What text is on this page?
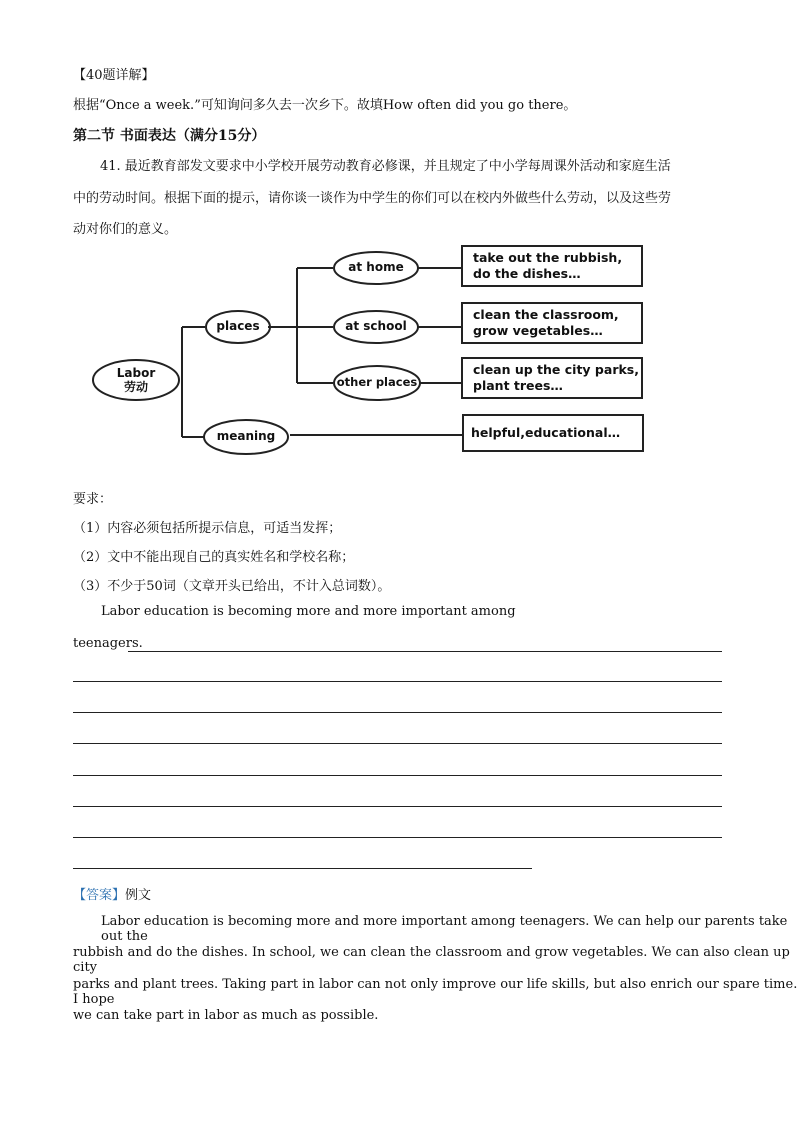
【40题详解】

根据“Once a week.”可知询问多久去一次乡下。故填How often did you go there。

第二节 书面表达（满分15分）

41. 最近教育部发文要求中小学校开展劳动教育必修课，并且规定了中小学每周课外活动和家庭生活

中的劳动时间。根据下面的提示，请你谈一谈作为中学生的你们可以在校内外做些什么劳动，以及这些劳

动对你们的意义。

Labor
劳动
places
meaning
at home
at school
other places
take out the rubbish,
do the dishes…
clean the classroom,
grow vegetables…
clean up the city parks,
plant trees…
helpful,educational…

要求：

（1）内容必须包括所提示信息，可适当发挥；

（2）文中不能出现自己的真实姓名和学校名称；

（3）不少于50词（文章开头已给出，不计入总词数）。

Labor education is becoming more and more important among

teenagers.

【答案】例文

Labor education is becoming more and more important among teenagers. We can help our parents take out the

rubbish and do the dishes. In school, we can clean the classroom and grow vegetables. We can also clean up city

parks and plant trees. Taking part in labor can not only improve our life skills, but also enrich our spare time. I hope

we can take part in labor as much as possible.
